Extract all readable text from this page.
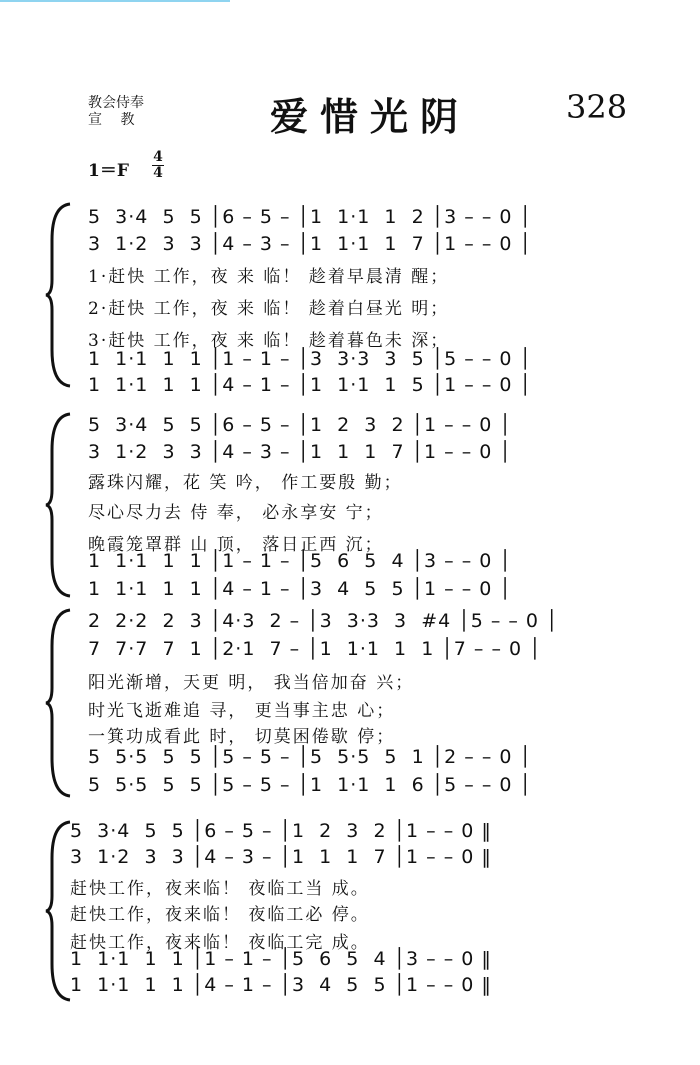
教会侍奉
宣　 教	爱惜光阴	328
1＝F
4
4
5  3·4  5  5 │6 – 5 – │1  1·1  1  2 │3 – – 0 │
3  1·2  3  3 │4 – 3 – │1  1·1  1  7 │1 – – 0 │
1·赶快 工作，夜 来 临！ 趁着早晨清 醒；
2·赶快 工作，夜 来 临！ 趁着白昼光 明；
3·赶快 工作，夜 来 临！ 趁着暮色未 深；
1  1·1  1  1 │1 – 1 – │3  3·3  3  5 │5 – – 0 │
1  1·1  1  1 │4 – 1 – │1  1·1  1  5 │1 – – 0 │
5  3·4  5  5 │6 – 5 – │1  2  3  2 │1 – – 0 │
3  1·2  3  3 │4 – 3 – │1  1  1  7 │1 – – 0 │
露珠闪耀，花 笑 吟， 作工要殷 勤；
尽心尽力去 侍 奉， 必永享安 宁；
晚霞笼罩群 山 顶， 落日正西 沉；
1  1·1  1  1 │1 – 1 – │5  6  5  4 │3 – – 0 │
1  1·1  1  1 │4 – 1 – │3  4  5  5 │1 – – 0 │
2  2·2  2  3 │4·3  2 – │3  3·3  3  #4 │5 – – 0 │
7  7·7  7  1 │2·1  7 – │1  1·1  1  1 │7 – – 0 │
阳光渐增，天更 明， 我当倍加奋 兴；
时光飞逝难追 寻， 更当事主忠 心；
一箕功成看此 时， 切莫困倦歇 停；
5  5·5  5  5 │5 – 5 – │5  5·5  5  1 │2 – – 0 │
5  5·5  5  5 │5 – 5 – │1  1·1  1  6 │5 – – 0 │
5  3·4  5  5 │6 – 5 – │1  2  3  2 │1 – – 0 ‖
3  1·2  3  3 │4 – 3 – │1  1  1  7 │1 – – 0 ‖
赶快工作，夜来临！ 夜临工当 成。
赶快工作，夜来临！ 夜临工必 停。
赶快工作，夜来临！ 夜临工完 成。
1  1·1  1  1 │1 – 1 – │5  6  5  4 │3 – – 0 ‖
1  1·1  1  1 │4 – 1 – │3  4  5  5 │1 – – 0 ‖
